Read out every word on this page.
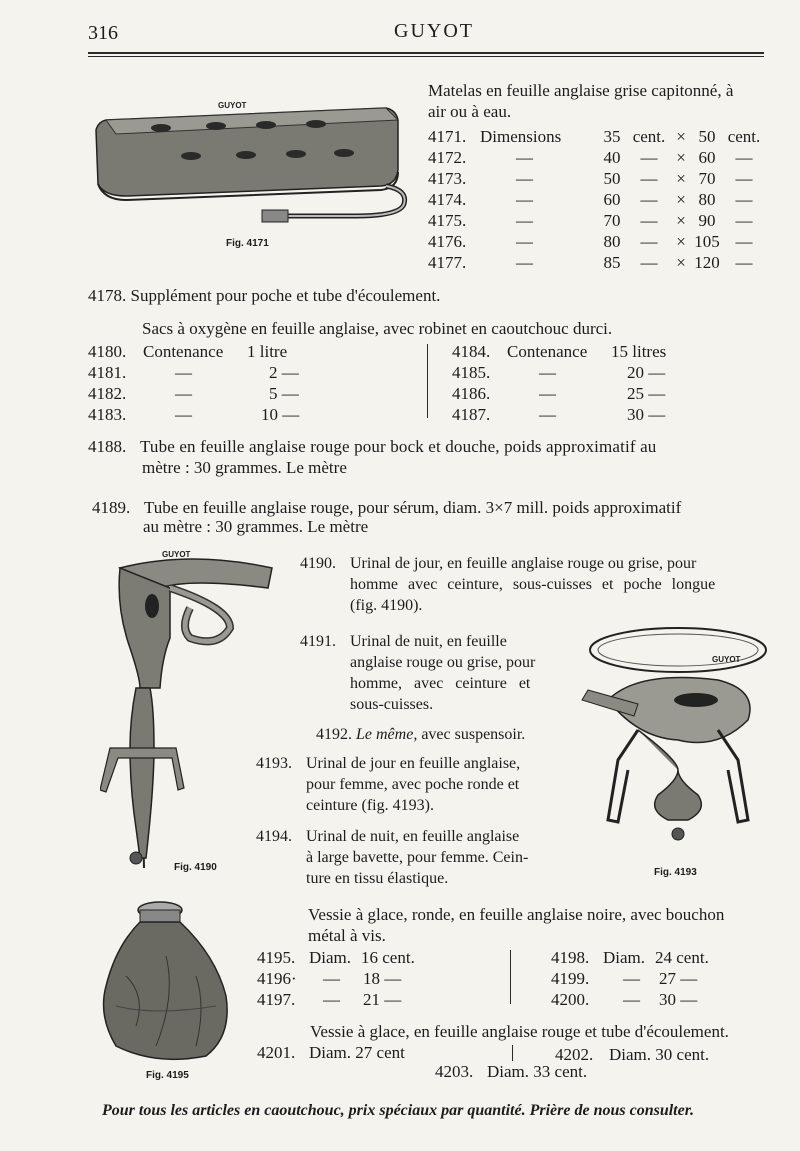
316	GUYOT
GUYOT
Fig. 4171
Matelas en feuille anglaise grise capitonné, à
air ou à eau.
4171. Dimensions	35 cent. × 50 cent.
4172.	—	40	—	× 60	—
4173.	—	50	—	× 70	—
4174.	—	60	—	× 80	—
4175.	—	70	—	× 90	—
4176.	—	80	—	× 105 —
4177.	—	85	—	× 120 —
4178. Supplément pour poche et tube d'écoulement.
Sacs à oxygène en feuille anglaise, avec robinet en caoutchouc durci.
4180. Contenance 1 litre
4181.	—	2 —
4182.	—	5 —
4183.	—	10 —
4184. Contenance 15 litres
4185.	—	20 —
4186.	—	25 —
4187.	—	30 —
4188. Tube en feuille anglaise rouge pour bock et douche, poids approximatif au
mètre : 30 grammes. Le mètre
4189. Tube en feuille anglaise rouge, pour sérum, diam. 3×7 mill. poids approximatif
au mètre : 30 grammes. Le mètre
GUYOT
Fig. 4190
4190. Urinal de jour, en feuille anglaise rouge ou grise, pour
homme avec ceinture, sous-cuisses et poche longue
(fig. 4190).
4191. Urinal de nuit, en feuille
anglaise rouge ou grise, pour
homme, avec ceinture et
sous-cuisses.
4192. Le même, avec suspensoir.
4193. Urinal de jour en feuille anglaise,
pour femme, avec poche ronde et
ceinture (fig. 4193).
4194. Urinal de nuit, en feuille anglaise
à large bavette, pour femme. Cein-
ture en tissu élastique.
GUYOT
Fig. 4193
Fig. 4195
Vessie à glace, ronde, en feuille anglaise noire, avec bouchon
métal à vis.
4195. Diam. 16 cent.
4196· — 18 —
4197. — 21 —
4198. Diam. 24 cent.
4199. — 27 —
4200. — 30 —
Vessie à glace, en feuille anglaise rouge et tube d'écoulement.
4201. Diam. 27 cent	4202. Diam. 30 cent.
4203. Diam. 33 cent.
Pour tous les articles en caoutchouc, prix spéciaux par quantité. Prière de nous consulter.
